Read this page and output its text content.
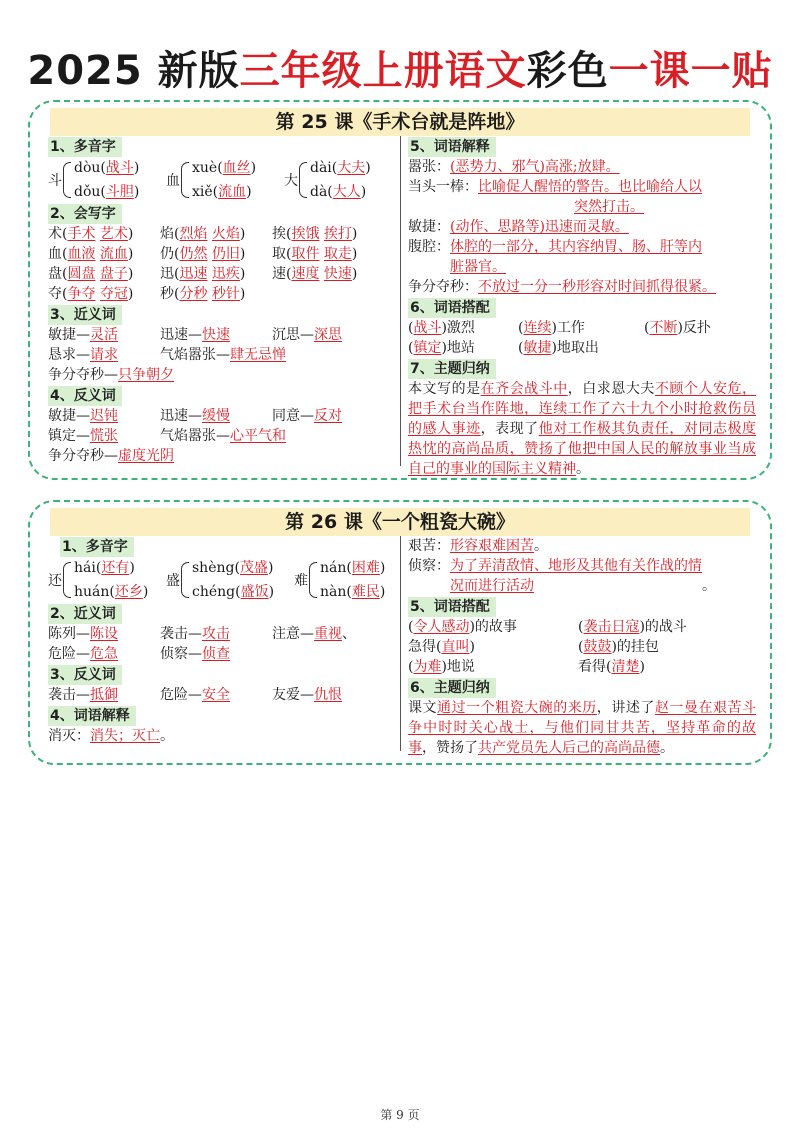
2025 新版三年级上册语文彩色一课一贴
第 25 课《手术台就是阵地》
1、多音字
斗
dòu(战斗)
dǒu(斗胆)
血
xuè(血丝)
xiě(流血)
大
dài(大夫)
dà(大人)
2、会写字
术(手术 艺术)	焰(烈焰 火焰)	挨(挨饿 挨打)
血(血液 流血)	仍(仍然 仍旧)	取(取件 取走)
盘(圆盘 盘子)	迅(迅速 迅疾)	速(速度 快速)
夺(争夺 夺冠)	秒(分秒 秒针)
3、近义词
敏捷—灵活	迅速—快速	沉思—深思
恳求—请求	气焰嚣张—肆无忌惮
争分夺秒—只争朝夕
4、反义词
敏捷—迟钝	迅速—缓慢	同意—反对
镇定—慌张	气焰嚣张—心平气和
争分夺秒—虚度光阴
5、词语解释
嚣张： (恶势力、邪气)高涨;放肆。
当头一棒： 比喻促人醒悟的警告。也比喻给人以
突然打击。
敏捷： (动作、思路等)迅速而灵敏。
腹腔： 体腔的一部分，其内容纳胃、肠、肝等内
脏器官。
争分夺秒： 不放过一分一秒形容对时间抓得很紧。
6、词语搭配
(战斗)激烈	(连续)工作	(不断)反扑
(镇定)地站	(敏捷)地取出
7、主题归纳
本文写的是在齐会战斗中，白求恩大夫不顾个人安危，把手术台当作阵地，连续工作了六十九个小时抢救伤员的感人事迹，表现了他对工作极其负责任，对同志极度热忱的高尚品质，赞扬了他把中国人民的解放事业当成自己的事业的国际主义精神。
第 26 课《一个粗瓷大碗》
1、多音字
还
hái(还有)
huán(还乡)
盛
shèng(茂盛)
chéng(盛饭)
难
nán(困难)
nàn(难民)
2、近义词
陈列—陈设	袭击—攻击	注意—重视、
危险—危急	侦察—侦查
3、反义词
袭击—抵御	危险—安全	友爱—仇恨
4、词语解释
消灭： 消失；灭亡 。
艰苦： 形容艰难困苦 。
侦察： 为了弄清敌情、地形及其他有关作战的情
况而进行活动	。
5、词语搭配
(令人感动)的故事	(袭击日寇)的战斗
急得(直叫)	(鼓鼓)的挂包
(为难)地说	看得(清楚)
6、主题归纳
课文通过一个粗瓷大碗的来历，讲述了赵一曼在艰苦斗争中时时关心战士，与他们同甘共苦，坚持革命的故事，赞扬了共产党员先人后己的高尚品德。
第 9 页
